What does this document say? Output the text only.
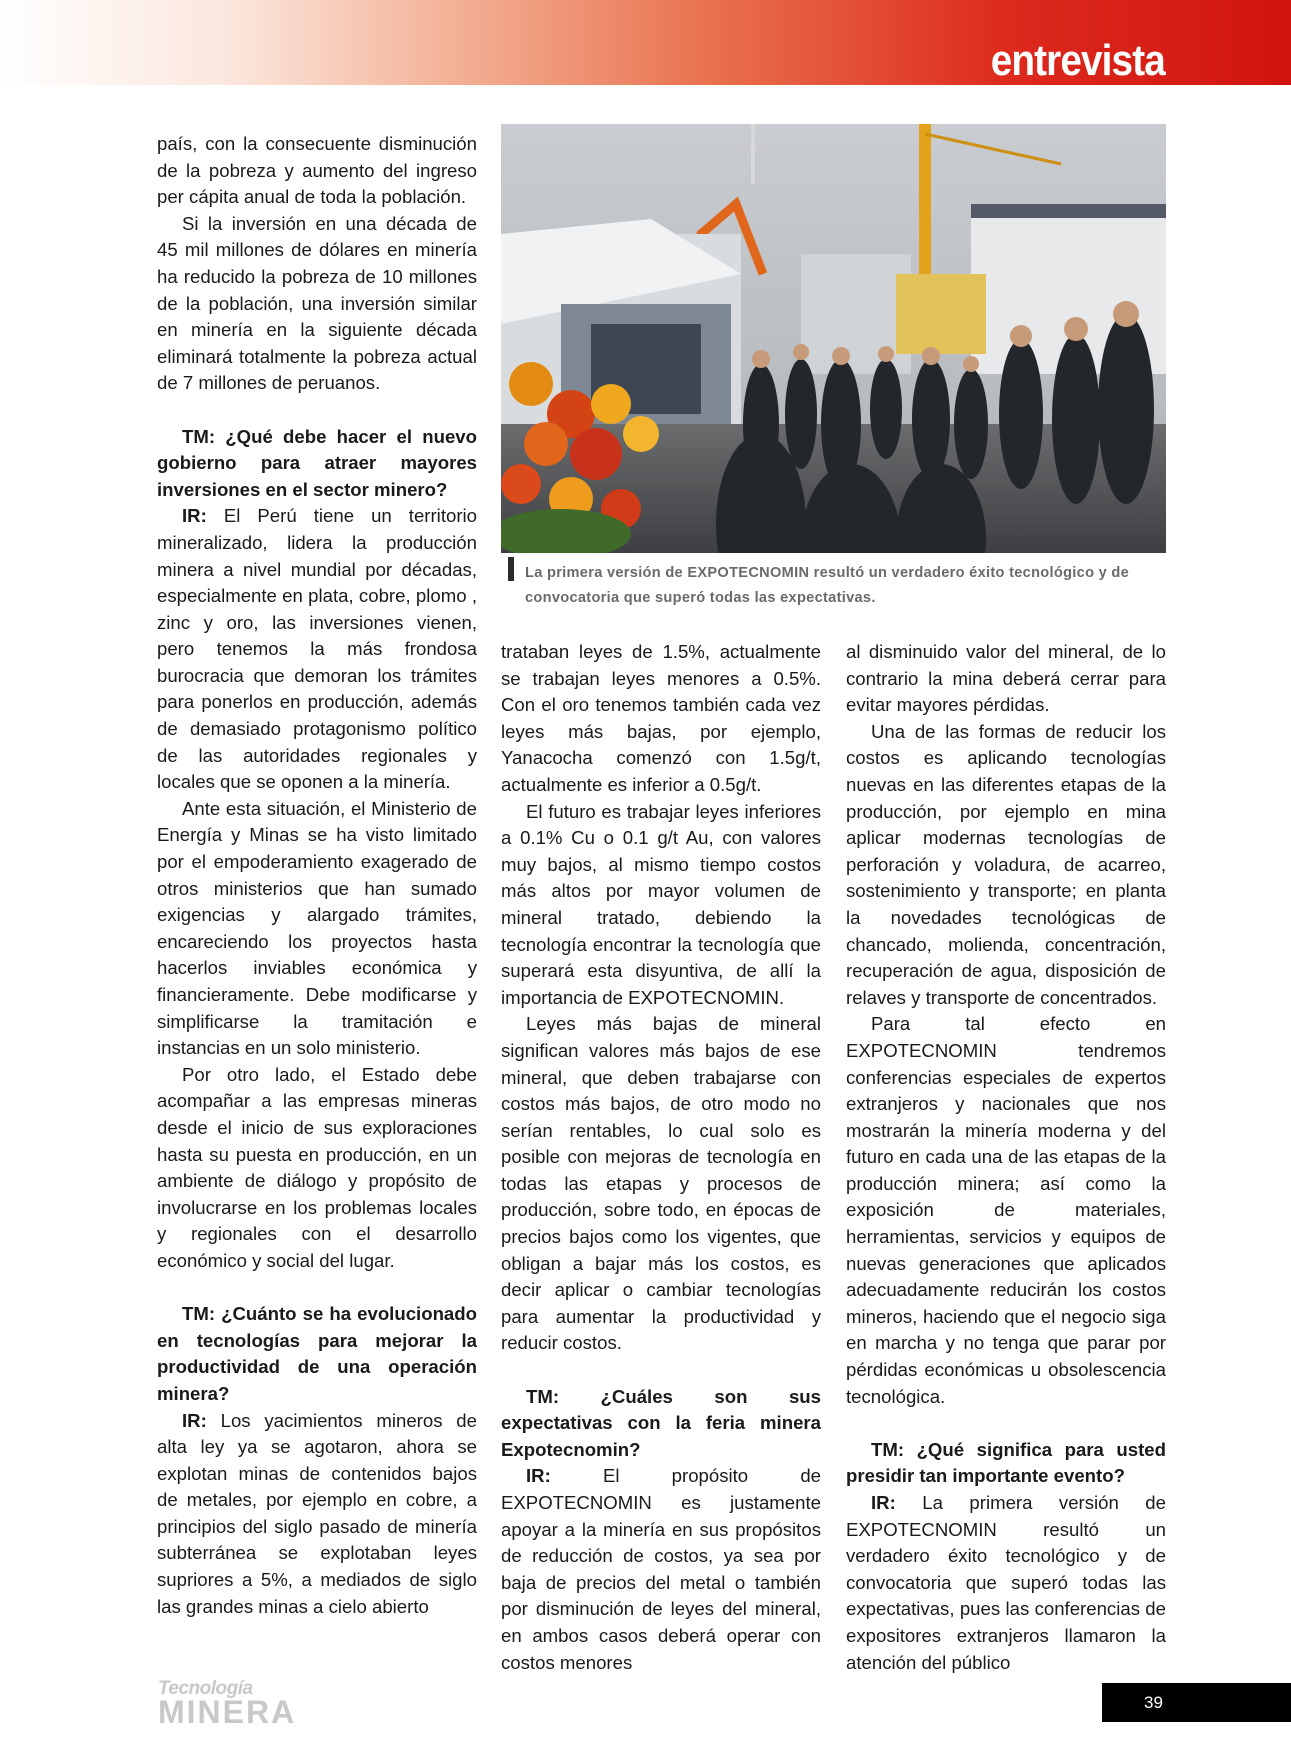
entrevista

país, con la consecuente disminución de la pobreza y aumento del ingreso per cápita anual de toda la población.

Si la inversión en una década de 45 mil millones de dólares en minería ha reducido la pobreza de 10 millones de la población, una inversión similar en minería en la siguiente década eliminará totalmente la pobreza actual de 7 millones de peruanos.

TM: ¿Qué debe hacer el nuevo gobierno para atraer mayores inversiones en el sector minero?

IR: El Perú tiene un territorio mineralizado, lidera la producción minera a nivel mundial por décadas, especialmente en plata, cobre, plomo , zinc y oro, las inversiones vienen, pero tenemos la más frondosa burocracia que demoran los trámites para ponerlos en producción, además de demasiado protagonismo político de las autoridades regionales y locales que se oponen a la minería.

Ante esta situación, el Ministerio de Energía y Minas se ha visto limitado por el empoderamiento exagerado de otros ministerios que han sumado exigencias y alargado trámites, encareciendo los proyectos hasta hacerlos inviables económica y financieramente. Debe modificarse y simplificarse la tramitación e instancias en un solo ministerio.

Por otro lado, el Estado debe acompañar a las empresas mineras desde el inicio de sus exploraciones hasta su puesta en producción, en un ambiente de diálogo y propósito de involucrarse en los problemas locales y regionales con el desarrollo económico y social del lugar.

TM: ¿Cuánto se ha evolucionado en tecnologías para mejorar la productividad de una operación minera?

IR: Los yacimientos mineros de alta ley ya se agotaron, ahora se explotan minas de contenidos bajos de metales, por ejemplo en cobre, a principios del siglo pasado de minería subterránea se explotaban leyes supriores a 5%, a mediados de siglo las grandes minas a cielo abierto

La primera versión de EXPOTECNOMIN resultó un verdadero éxito tecnológico y de convocatoria que superó todas las expectativas.

trataban leyes de 1.5%, actualmente se trabajan leyes menores a 0.5%. Con el oro tenemos también cada vez leyes más bajas, por ejemplo, Yanacocha comenzó con 1.5g/t, actualmente es inferior a 0.5g/t.

El futuro es trabajar leyes inferiores a 0.1% Cu o 0.1 g/t Au, con valores muy bajos, al mismo tiempo costos más altos por mayor volumen de mineral tratado, debiendo la tecnología encontrar la tecnología que superará esta disyuntiva, de allí la importancia de EXPOTECNOMIN.

Leyes más bajas de mineral significan valores más bajos de ese mineral, que deben trabajarse con costos más bajos, de otro modo no serían rentables, lo cual solo es posible con mejoras de tecnología en todas las etapas y procesos de producción, sobre todo, en épocas de precios bajos como los vigentes, que obligan a bajar más los costos, es decir aplicar o cambiar tecnologías para aumentar la productividad y reducir costos.

TM: ¿Cuáles son sus expectativas con la feria minera Expotecnomin?

IR: El propósito de EXPOTECNOMIN es justamente apoyar a la minería en sus propósitos de reducción de costos, ya sea por baja de precios del metal o también por disminución de leyes del mineral, en ambos casos deberá operar con costos menores

al disminuido valor del mineral, de lo contrario la mina deberá cerrar para evitar mayores pérdidas.

Una de las formas de reducir los costos es aplicando tecnologías nuevas en las diferentes etapas de la producción, por ejemplo en mina aplicar modernas tecnologías de perforación y voladura, de acarreo, sostenimiento y transporte; en planta la novedades tecnológicas de chancado, molienda, concentración, recuperación de agua, disposición de relaves y transporte de concentrados.

Para tal efecto en EXPOTECNOMIN tendremos conferencias especiales de expertos extranjeros y nacionales que nos mostrarán la minería moderna y del futuro en cada una de las etapas de la producción minera; así como la exposición de materiales, herramientas, servicios y equipos de nuevas generaciones que aplicados adecuadamente reducirán los costos mineros, haciendo que el negocio siga en marcha y no tenga que parar por pérdidas económicas u obsolescencia tecnológica.

TM: ¿Qué significa para usted presidir tan importante evento?

IR: La primera versión de EXPOTECNOMIN resultó un verdadero éxito tecnológico y de convocatoria que superó todas las expectativas, pues las conferencias de expositores extranjeros llamaron la atención del público

Tecnología
MINERA	39
